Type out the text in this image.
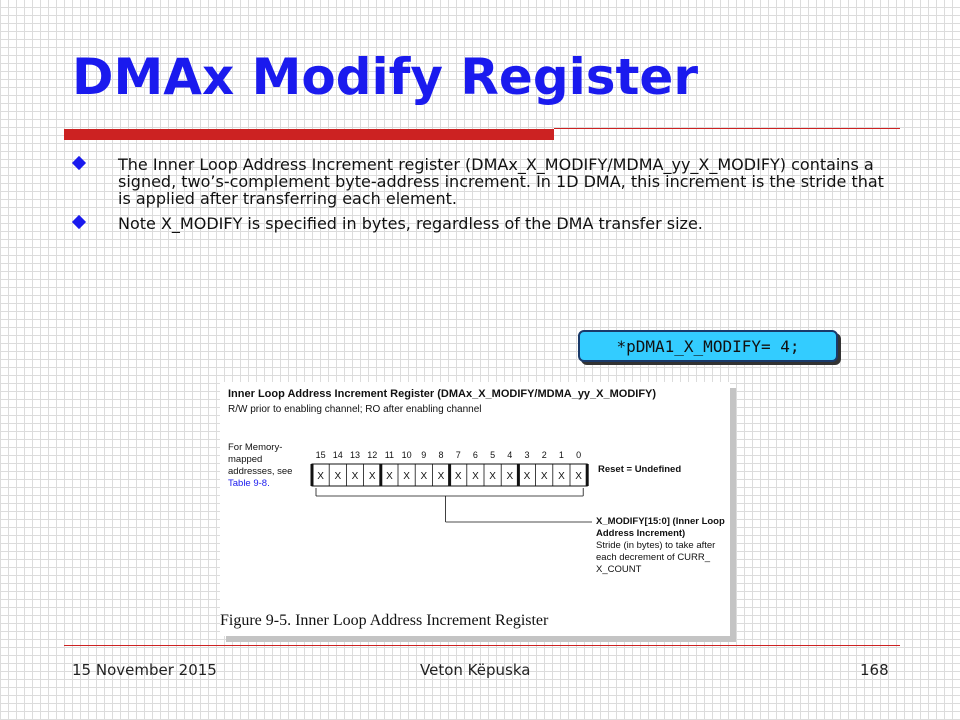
DMAx Modify Register
The Inner Loop Address Increment register (DMAx_X_MODIFY/MDMA_yy_X_MODIFY) contains a signed, two’s-complement byte-address increment. In 1D DMA, this increment is the stride that is applied after transferring each element.
Note X_MODIFY is specified in bytes, regardless of the DMA transfer size.
*pDMA1_X_MODIFY= 4;
Inner Loop Address Increment Register (DMAx_X_MODIFY/MDMA_yy_X_MODIFY)
R/W prior to enabling channel; RO after enabling channel
For Memory-mapped addresses, see Table 9-8.
15
X
14
X
13
X
12
X
11
X
10
X
9
X
8
X
7
X
6
X
5
X
4
X
3
X
2
X
1
X
0
X
Reset = Undefined
X_MODIFY[15:0] (Inner Loop Address Increment)
Stride (in bytes) to take after each decrement of CURR_ X_COUNT
Figure 9-5. Inner Loop Address Increment Register
15 November 2015	Veton Këpuska	168
